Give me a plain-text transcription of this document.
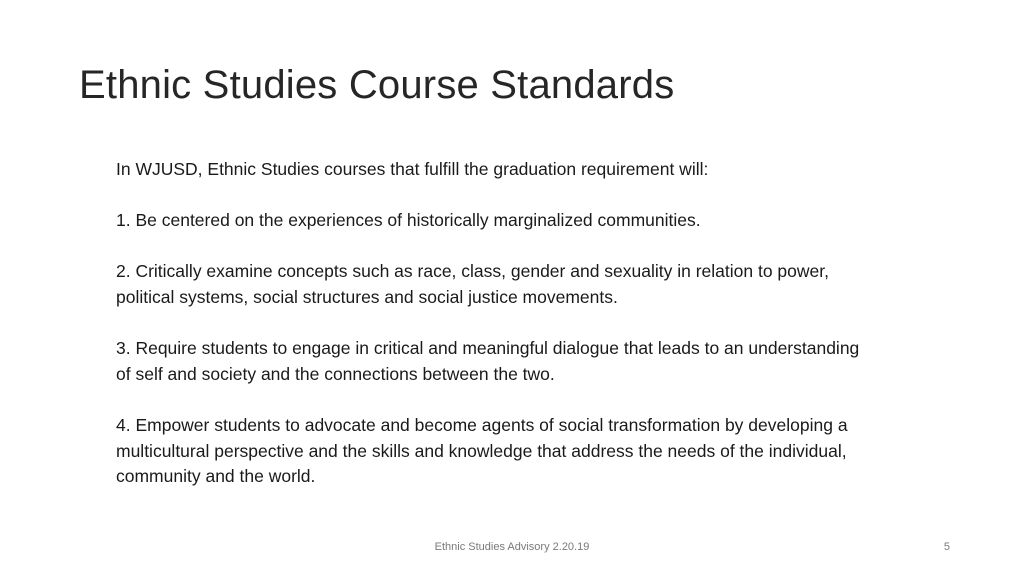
Ethnic Studies Course Standards

In WJUSD, Ethnic Studies courses that fulfill the graduation requirement will:

1. Be centered on the experiences of historically marginalized communities.

2. Critically examine concepts such as race, class, gender and sexuality in relation to power, political systems, social structures and social justice movements.

3. Require students to engage in critical and meaningful dialogue that leads to an understanding of self and society and the connections between the two.

4. Empower students to advocate and become agents of social transformation by developing a multicultural perspective and the skills and knowledge that address the needs of the individual, community and the world.

Ethnic Studies Advisory 2.20.19	5
